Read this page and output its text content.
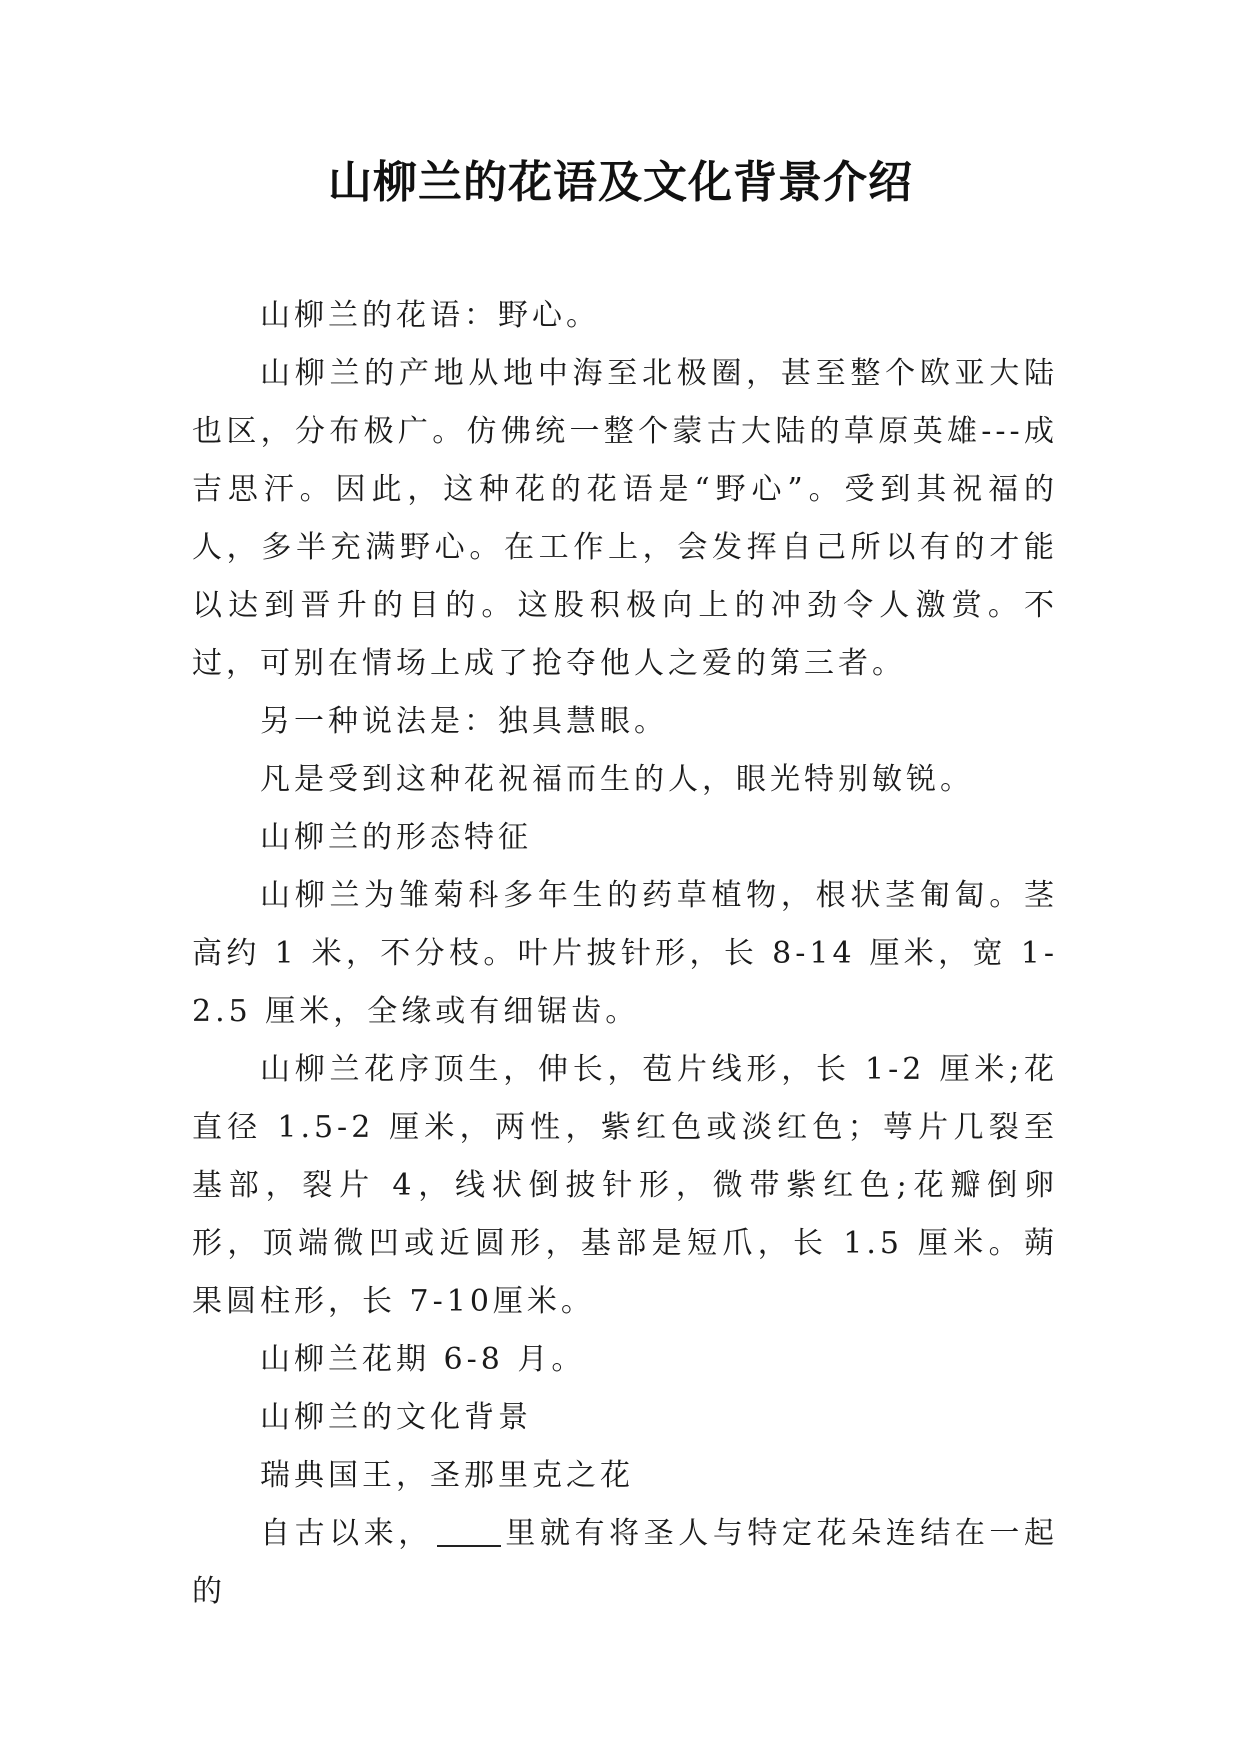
山柳兰的花语及文化背景介绍

山柳兰的花语：野心。

山柳兰的产地从地中海至北极圈，甚至整个欧亚大陆也区，分布极广。仿佛统一整个蒙古大陆的草原英雄---成吉思汗。因此，这种花的花语是“野心”。受到其祝福的人，多半充满野心。在工作上，会发挥自己所以有的才能以达到晋升的目的。这股积极向上的冲劲令人激赏。不过，可别在情场上成了抢夺他人之爱的第三者。

另一种说法是：独具慧眼。

凡是受到这种花祝福而生的人，眼光特别敏锐。

山柳兰的形态特征

山柳兰为雏菊科多年生的药草植物，根状茎匍匐。茎高约 1 米，不分枝。叶片披针形，长 8-14 厘米，宽 1-2.5 厘米，全缘或有细锯齿。

山柳兰花序顶生，伸长，苞片线形，长 1-2 厘米;花直径 1.5-2 厘米，两性，紫红色或淡红色；萼片几裂至基部，裂片 4，线状倒披针形，微带紫红色;花瓣倒卵形，顶端微凹或近圆形，基部是短爪，长 1.5 厘米。蒴果圆柱形，长 7-10厘米。

山柳兰花期 6-8 月。

山柳兰的文化背景

瑞典国王，圣那里克之花

自古以来， 里就有将圣人与特定花朵连结在一起的
